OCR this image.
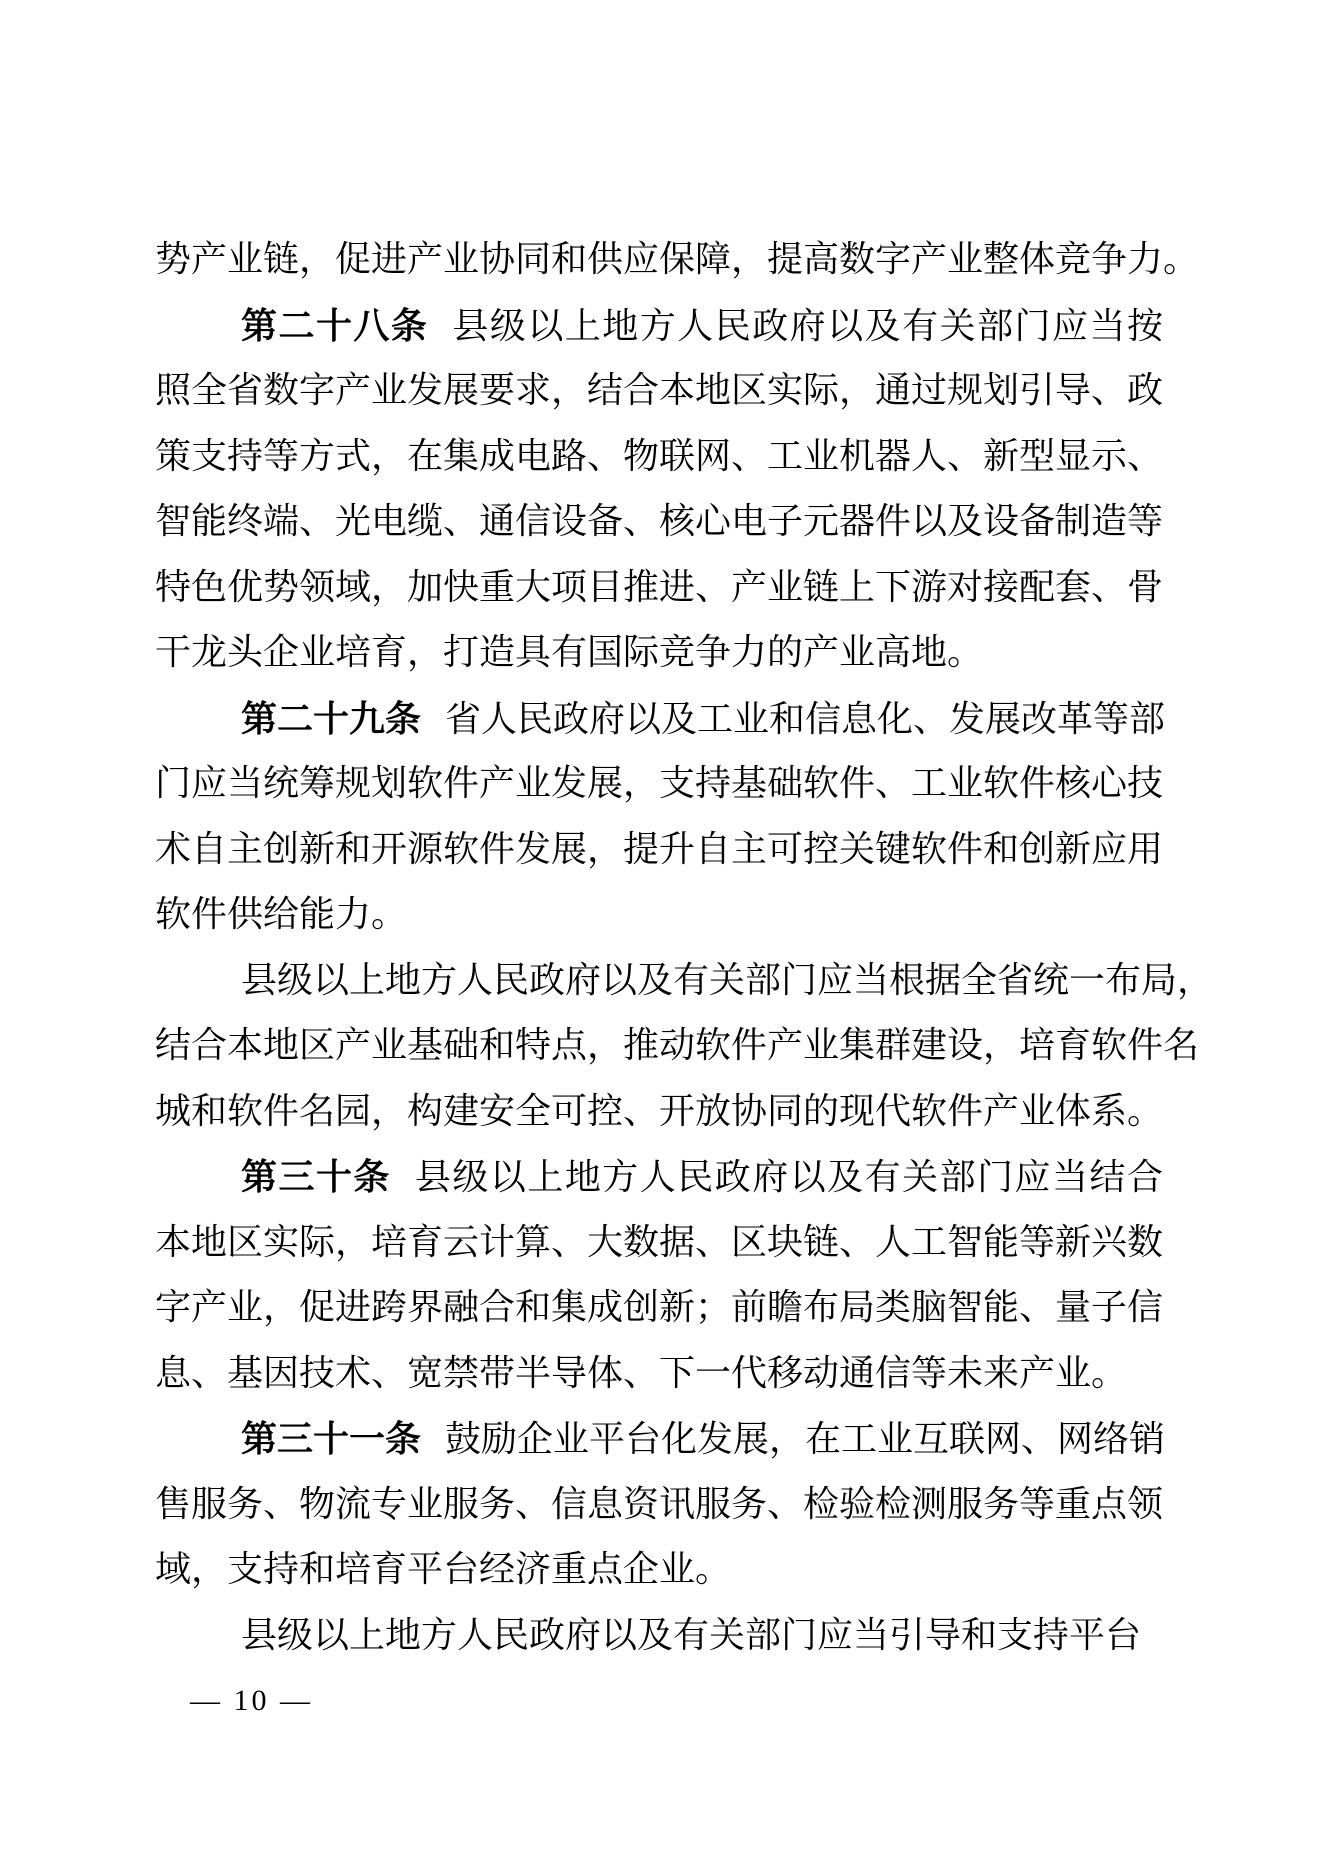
势产业链，促进产业协同和供应保障，提高数字产业整体竞争力。
第二十八条 县级以上地方人民政府以及有关部门应当按
照全省数字产业发展要求，结合本地区实际，通过规划引导、政
策支持等方式，在集成电路、物联网、工业机器人、新型显示、
智能终端、光电缆、通信设备、核心电子元器件以及设备制造等
特色优势领域，加快重大项目推进、产业链上下游对接配套、骨
干龙头企业培育，打造具有国际竞争力的产业高地。
第二十九条 省人民政府以及工业和信息化、发展改革等部
门应当统筹规划软件产业发展，支持基础软件、工业软件核心技
术自主创新和开源软件发展，提升自主可控关键软件和创新应用
软件供给能力。
县级以上地方人民政府以及有关部门应当根据全省统一布局，
结合本地区产业基础和特点，推动软件产业集群建设，培育软件名
城和软件名园，构建安全可控、开放协同的现代软件产业体系。
第三十条 县级以上地方人民政府以及有关部门应当结合
本地区实际，培育云计算、大数据、区块链、人工智能等新兴数
字产业，促进跨界融合和集成创新；前瞻布局类脑智能、量子信
息、基因技术、宽禁带半导体、下一代移动通信等未来产业。
第三十一条 鼓励企业平台化发展，在工业互联网、网络销
售服务、物流专业服务、信息资讯服务、检验检测服务等重点领
域，支持和培育平台经济重点企业。
县级以上地方人民政府以及有关部门应当引导和支持平台
— 10 —
